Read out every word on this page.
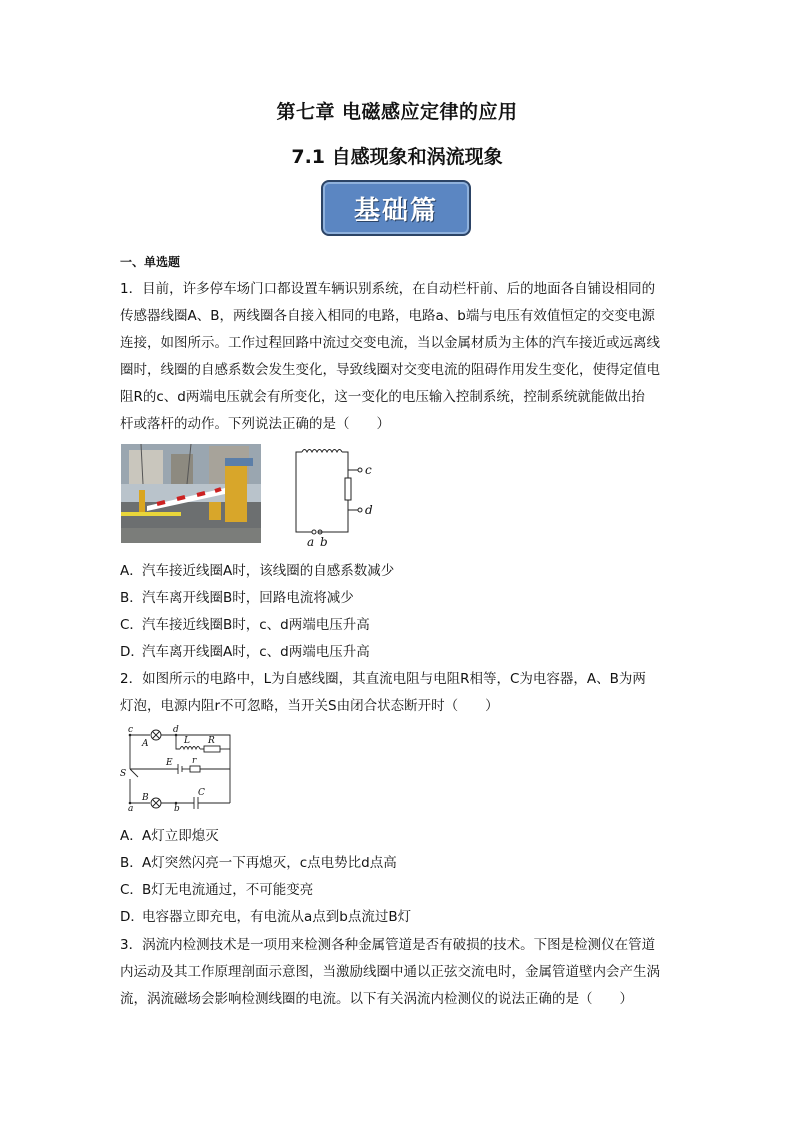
第七章 电磁感应定律的应用
7.1 自感现象和涡流现象
基础篇
一、单选题
1．目前，许多停车场门口都设置车辆识别系统，在自动栏杆前、后的地面各自铺设相同的
传感器线圈A、B，两线圈各自接入相同的电路，电路a、b端与电压有效值恒定的交变电源
连接，如图所示。工作过程回路中流过交变电流，当以金属材质为主体的汽车接近或远离线
圈时，线圈的自感系数会发生变化，导致线圈对交变电流的阻碍作用发生变化，使得定值电
阻R的c、d两端电压就会有所变化，这一变化的电压输入控制系统，控制系统就能做出抬
杆或落杆的动作。下列说法正确的是（　　）
c
d
a b
A．汽车接近线圈A时，该线圈的自感系数减少
B．汽车离开线圈B时，回路电流将减少
C．汽车接近线圈B时，c、d两端电压升高
D．汽车离开线圈A时，c、d两端电压升高
2．如图所示的电路中，L为自感线圈，其直流电阻与电阻R相等，C为电容器，A、B为两
灯泡，电源内阻r不可忽略，当开关S由闭合状态断开时（　　）
c	d
A	L R
S
E r
B	C
a	b
A．A灯立即熄灭
B．A灯突然闪亮一下再熄灭，c点电势比d点高
C．B灯无电流通过，不可能变亮
D．电容器立即充电，有电流从a点到b点流过B灯
3．涡流内检测技术是一项用来检测各种金属管道是否有破损的技术。下图是检测仪在管道
内运动及其工作原理剖面示意图，当激励线圈中通以正弦交流电时，金属管道壁内会产生涡
流，涡流磁场会影响检测线圈的电流。以下有关涡流内检测仪的说法正确的是（　　）
